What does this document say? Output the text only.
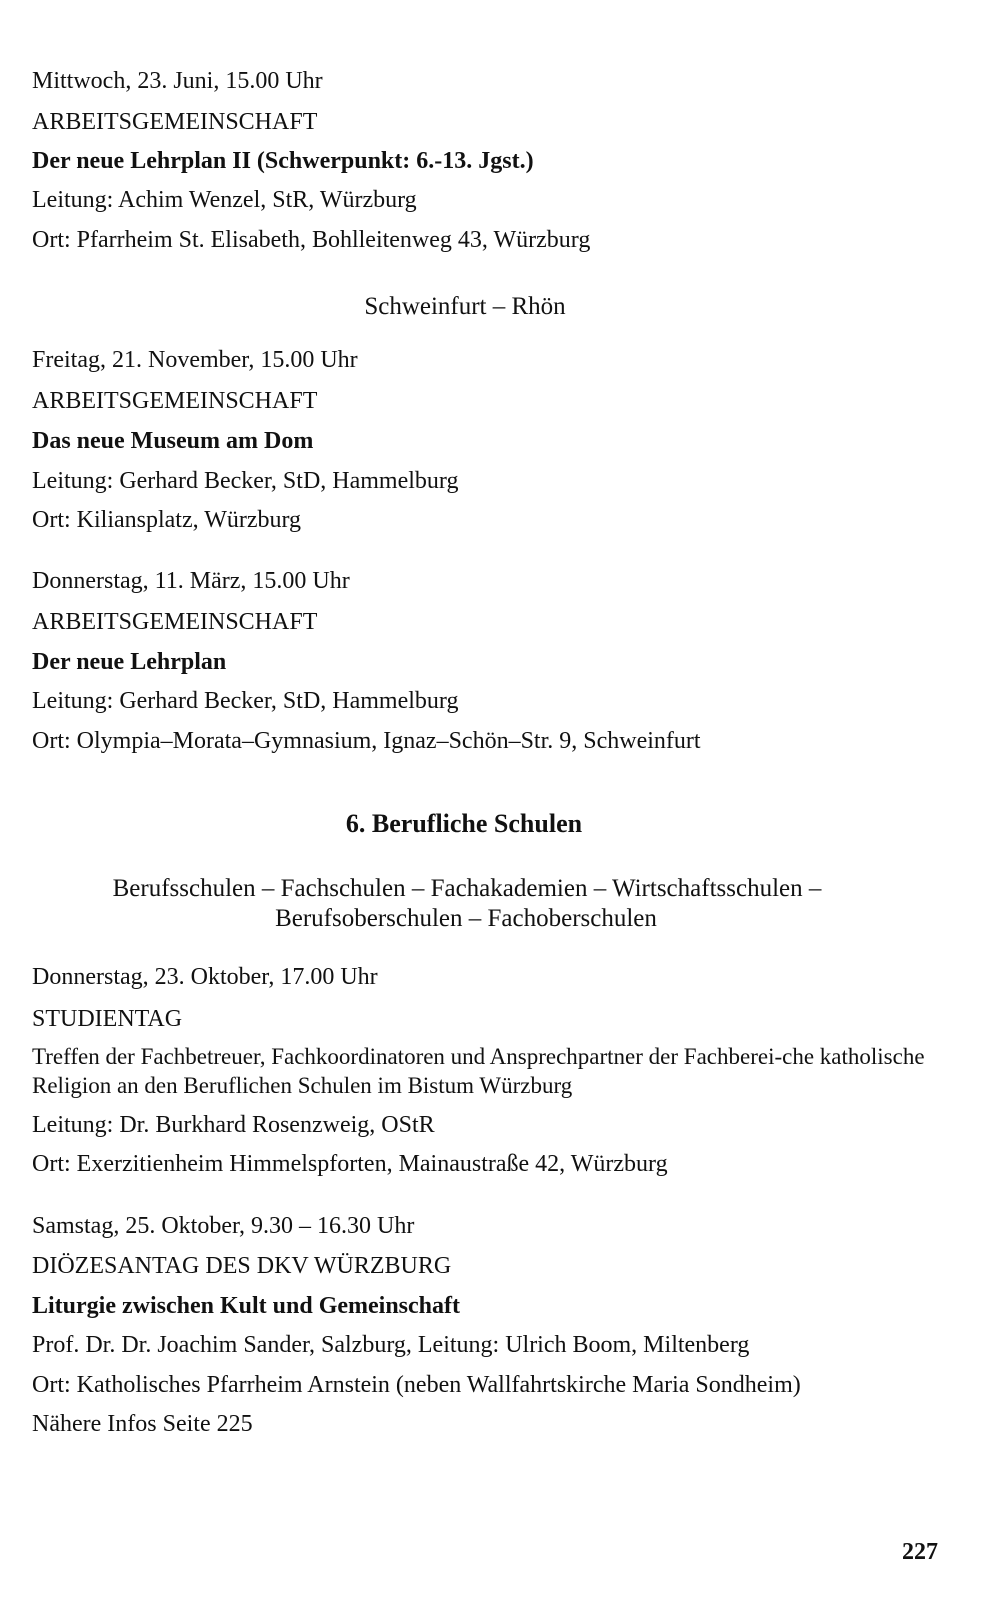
Mittwoch, 23. Juni, 15.00 Uhr
ARBEITSGEMEINSCHAFT
Der neue Lehrplan II (Schwerpunkt: 6.-13. Jgst.)
Leitung: Achim Wenzel, StR, Würzburg
Ort: Pfarrheim St. Elisabeth, Bohlleitenweg 43, Würzburg
Schweinfurt – Rhön
Freitag, 21. November, 15.00 Uhr
ARBEITSGEMEINSCHAFT
Das neue Museum am Dom
Leitung: Gerhard Becker, StD, Hammelburg
Ort: Kiliansplatz, Würzburg
Donnerstag, 11. März, 15.00 Uhr
ARBEITSGEMEINSCHAFT
Der neue Lehrplan
Leitung: Gerhard Becker, StD, Hammelburg
Ort: Olympia–Morata–Gymnasium, Ignaz–Schön–Str. 9, Schweinfurt
6. Berufliche Schulen
Berufsschulen – Fachschulen – Fachakademien – Wirtschaftsschulen –
Berufsoberschulen – Fachoberschulen
Donnerstag, 23. Oktober, 17.00 Uhr
STUDIENTAG
Treffen der Fachbetreuer, Fachkoordinatoren und Ansprechpartner der Fachberei-che katholische Religion an den Beruflichen Schulen im Bistum Würzburg
Leitung: Dr. Burkhard Rosenzweig, OStR
Ort: Exerzitienheim Himmelspforten, Mainaustraße 42, Würzburg
Samstag, 25. Oktober, 9.30 – 16.30 Uhr
DIÖZESANTAG DES DKV WÜRZBURG
Liturgie zwischen Kult und Gemeinschaft
Prof. Dr. Dr. Joachim Sander, Salzburg, Leitung: Ulrich Boom, Miltenberg
Ort: Katholisches Pfarrheim Arnstein (neben Wallfahrtskirche Maria Sondheim)
Nähere Infos Seite 225
227
